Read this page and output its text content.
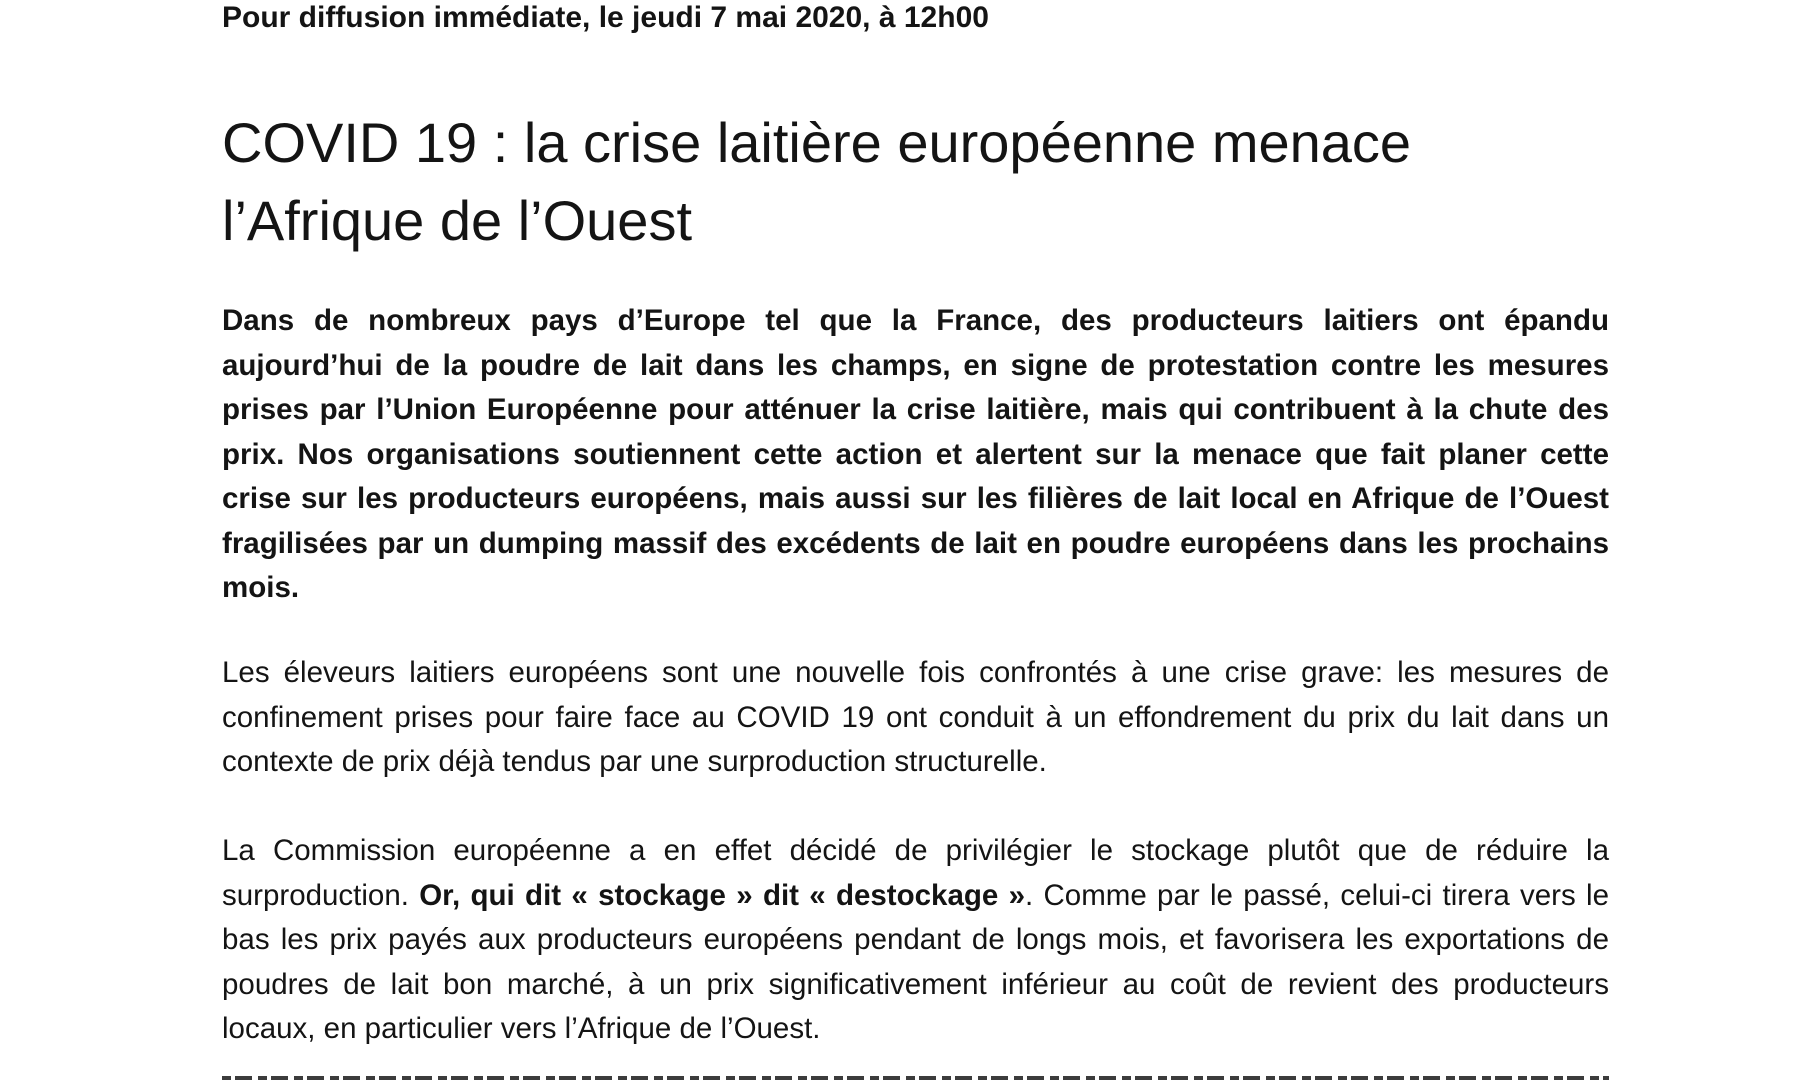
Pour diffusion immédiate, le jeudi 7 mai 2020, à 12h00
COVID 19 : la crise laitière européenne menace
l’Afrique de l’Ouest

Dans de nombreux pays d’Europe tel que la France, des producteurs laitiers ont épandu aujourd’hui de la poudre de lait dans les champs, en signe de protestation contre les mesures prises par l’Union Européenne pour atténuer la crise laitière, mais qui contribuent à la chute des prix. Nos organisations soutiennent cette action et alertent sur la menace que fait planer cette crise sur les producteurs européens, mais aussi sur les filières de lait local en Afrique de l’Ouest fragilisées par un dumping massif des excédents de lait en poudre européens dans les prochains mois.

Les éleveurs laitiers européens sont une nouvelle fois confrontés à une crise grave: les mesures de confinement prises pour faire face au COVID 19 ont conduit à un effondrement du prix du lait dans un contexte de prix déjà tendus par une surproduction structurelle.

La Commission européenne a en effet décidé de privilégier le stockage plutôt que de réduire la surproduction. Or, qui dit « stockage » dit « destockage ». Comme par le passé, celui-ci tirera vers le bas les prix payés aux producteurs européens pendant de longs mois, et favorisera les exportations de poudres de lait bon marché, à un prix significativement inférieur au coût de revient des producteurs locaux, en particulier vers l’Afrique de l’Ouest.
